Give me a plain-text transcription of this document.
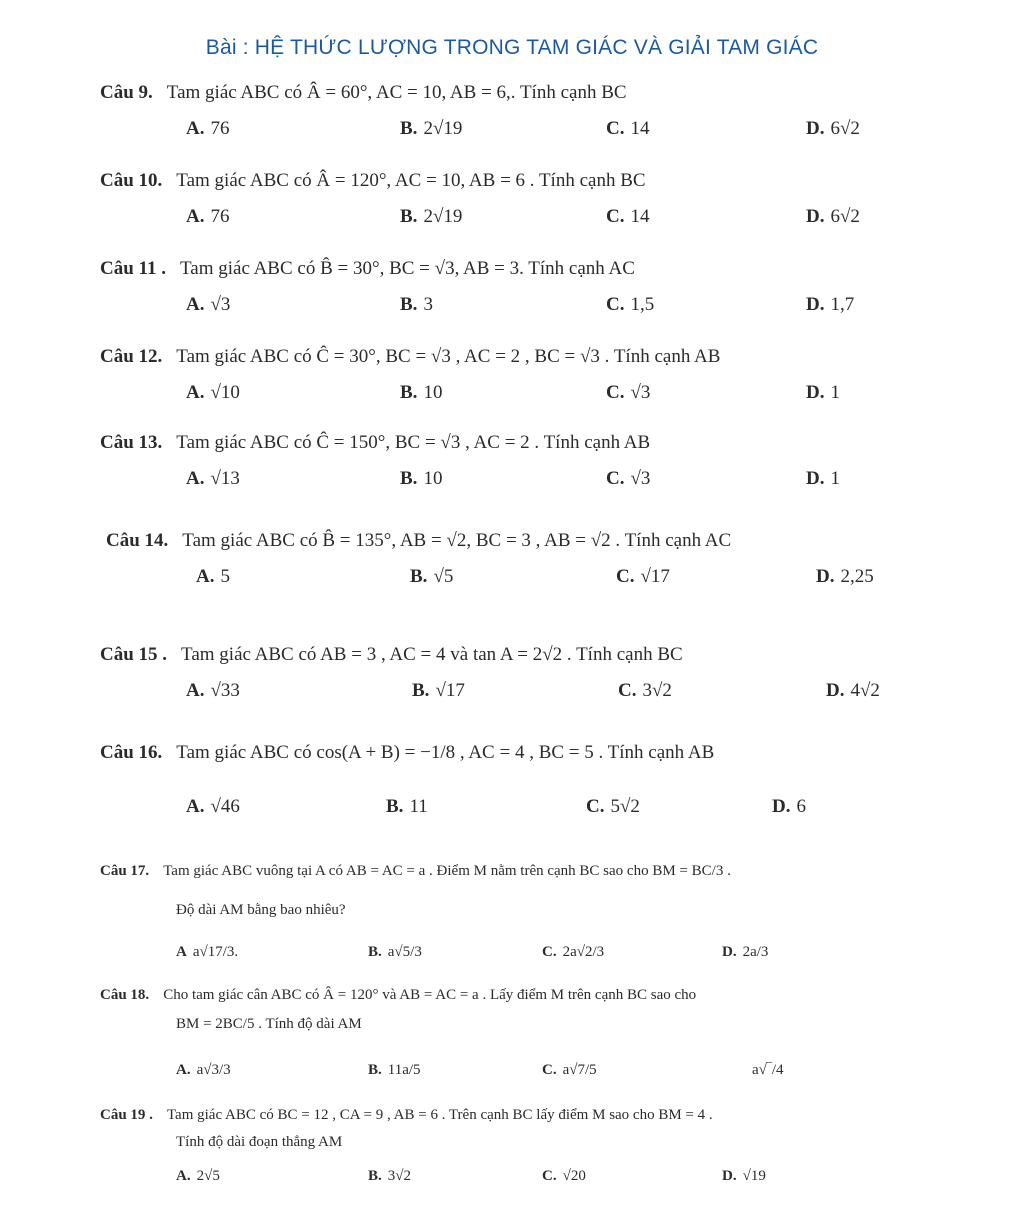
Bài : HỆ THỨC LƯỢNG TRONG TAM GIÁC VÀ GIẢI TAM GIÁC
Câu 9. Tam giác ABC có Â = 60°, AC = 10, AB = 6,. Tính cạnh BC
A. 76	B. 2√19	C. 14	D. 6√2
Câu 10. Tam giác ABC có Â = 120°, AC = 10, AB = 6 . Tính cạnh BC
A. 76	B. 2√19	C. 14	D. 6√2
Câu 11 . Tam giác ABC có B̂ = 30°, BC = √3, AB = 3. Tính cạnh AC
A. √3	B. 3	C. 1,5	D. 1,7
Câu 12. Tam giác ABC có Ĉ = 30°, BC = √3 , AC = 2 , BC = √3 . Tính cạnh AB
A. √10	B. 10	C. √3	D. 1
Câu 13. Tam giác ABC có Ĉ = 150°, BC = √3 , AC = 2 . Tính cạnh AB
A. √13	B. 10	C. √3	D. 1
Câu 14. Tam giác ABC có B̂ = 135°, AB = √2, BC = 3 , AB = √2 . Tính cạnh AC
A. 5	B. √5	C. √17	D. 2,25
Câu 15 . Tam giác ABC có AB = 3 , AC = 4 và tan A = 2√2 . Tính cạnh BC
A. √33	B. √17	C. 3√2	D. 4√2
Câu 16. Tam giác ABC có cos(A + B) = −1/8 , AC = 4 , BC = 5 . Tính cạnh AB
A. √46	B. 11	C. 5√2	D. 6
Câu 17. Tam giác ABC vuông tại A có AB = AC = a . Điểm M nằm trên cạnh BC sao cho BM = BC/3 .
Độ dài AM bằng bao nhiêu?
A a√17/3.	B. a√5/3	C. 2a√2/3	D. 2a/3
Câu 18. Cho tam giác cân ABC có Â = 120° và AB = AC = a . Lấy điểm M trên cạnh BC sao cho
BM = 2BC/5 . Tính độ dài AM
A. a√3/3	B. 11a/5	C. a√7/5	a√‾/4
Câu 19 . Tam giác ABC có BC = 12 , CA = 9 , AB = 6 . Trên cạnh BC lấy điểm M sao cho BM = 4 .
Tính độ dài đoạn thẳng AM
A. 2√5	B. 3√2	C. √20	D. √19
